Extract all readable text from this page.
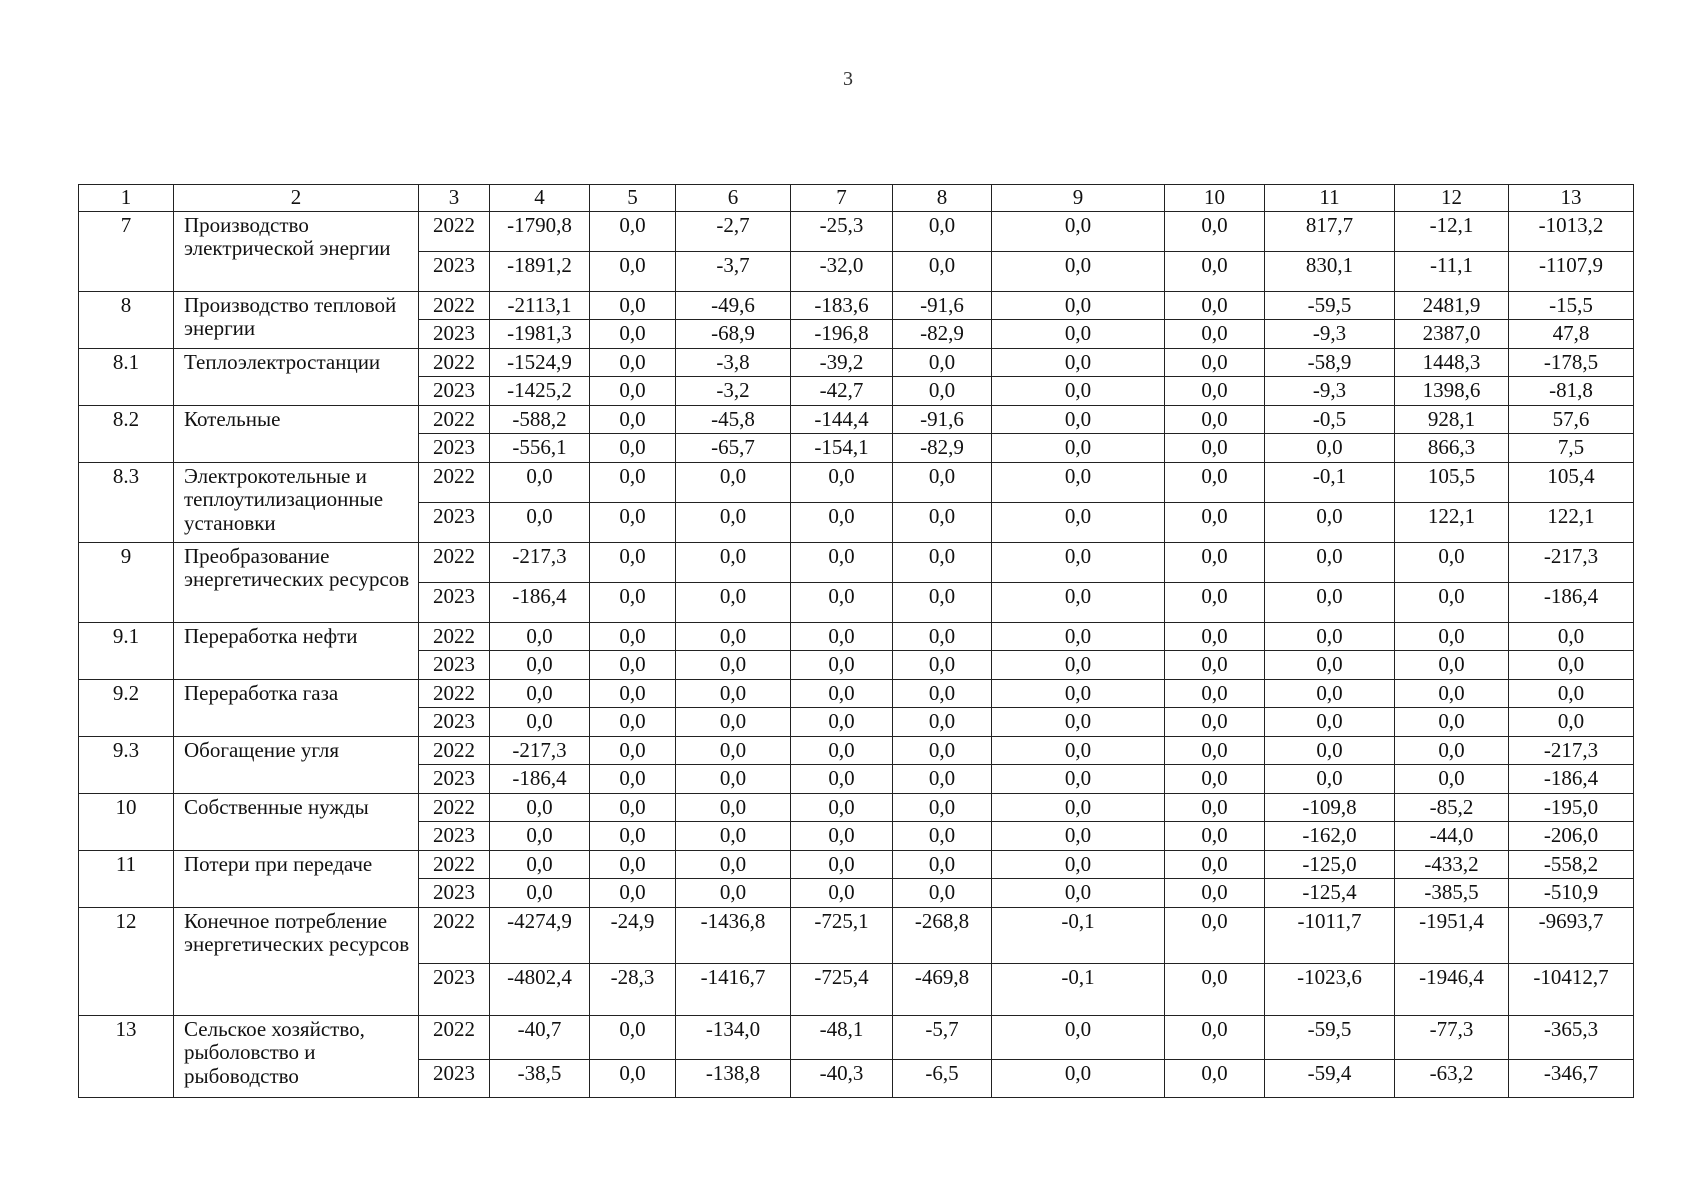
3
1	2	3	4	5	6	7	8	9	10	11	12	13
7	Производство электрической энергии	2022	-1790,8	0,0	-2,7	-25,3	0,0	0,0	0,0	817,7	-12,1	-1013,2
		2023	-1891,2	0,0	-3,7	-32,0	0,0	0,0	0,0	830,1	-11,1	-1107,9
8	Производство тепловой энергии	2022	-2113,1	0,0	-49,6	-183,6	-91,6	0,0	0,0	-59,5	2481,9	-15,5
		2023	-1981,3	0,0	-68,9	-196,8	-82,9	0,0	0,0	-9,3	2387,0	47,8
8.1	Теплоэлектростанции	2022	-1524,9	0,0	-3,8	-39,2	0,0	0,0	0,0	-58,9	1448,3	-178,5
		2023	-1425,2	0,0	-3,2	-42,7	0,0	0,0	0,0	-9,3	1398,6	-81,8
8.2	Котельные	2022	-588,2	0,0	-45,8	-144,4	-91,6	0,0	0,0	-0,5	928,1	57,6
		2023	-556,1	0,0	-65,7	-154,1	-82,9	0,0	0,0	0,0	866,3	7,5
8.3	Электрокотельные и теплоутилизационные установки	2022	0,0	0,0	0,0	0,0	0,0	0,0	0,0	-0,1	105,5	105,4
		2023	0,0	0,0	0,0	0,0	0,0	0,0	0,0	0,0	122,1	122,1
9	Преобразование энергетических ресурсов	2022	-217,3	0,0	0,0	0,0	0,0	0,0	0,0	0,0	0,0	-217,3
		2023	-186,4	0,0	0,0	0,0	0,0	0,0	0,0	0,0	0,0	-186,4
9.1	Переработка нефти	2022	0,0	0,0	0,0	0,0	0,0	0,0	0,0	0,0	0,0	0,0
		2023	0,0	0,0	0,0	0,0	0,0	0,0	0,0	0,0	0,0	0,0
9.2	Переработка газа	2022	0,0	0,0	0,0	0,0	0,0	0,0	0,0	0,0	0,0	0,0
		2023	0,0	0,0	0,0	0,0	0,0	0,0	0,0	0,0	0,0	0,0
9.3	Обогащение угля	2022	-217,3	0,0	0,0	0,0	0,0	0,0	0,0	0,0	0,0	-217,3
		2023	-186,4	0,0	0,0	0,0	0,0	0,0	0,0	0,0	0,0	-186,4
10	Собственные нужды	2022	0,0	0,0	0,0	0,0	0,0	0,0	0,0	-109,8	-85,2	-195,0
		2023	0,0	0,0	0,0	0,0	0,0	0,0	0,0	-162,0	-44,0	-206,0
11	Потери при передаче	2022	0,0	0,0	0,0	0,0	0,0	0,0	0,0	-125,0	-433,2	-558,2
		2023	0,0	0,0	0,0	0,0	0,0	0,0	0,0	-125,4	-385,5	-510,9
12	Конечное потребление энергетических ресурсов	2022	-4274,9	-24,9	-1436,8	-725,1	-268,8	-0,1	0,0	-1011,7	-1951,4	-9693,7
		2023	-4802,4	-28,3	-1416,7	-725,4	-469,8	-0,1	0,0	-1023,6	-1946,4	-10412,7
13	Сельское хозяйство, рыболовство и рыбоводство	2022	-40,7	0,0	-134,0	-48,1	-5,7	0,0	0,0	-59,5	-77,3	-365,3
		2023	-38,5	0,0	-138,8	-40,3	-6,5	0,0	0,0	-59,4	-63,2	-346,7
